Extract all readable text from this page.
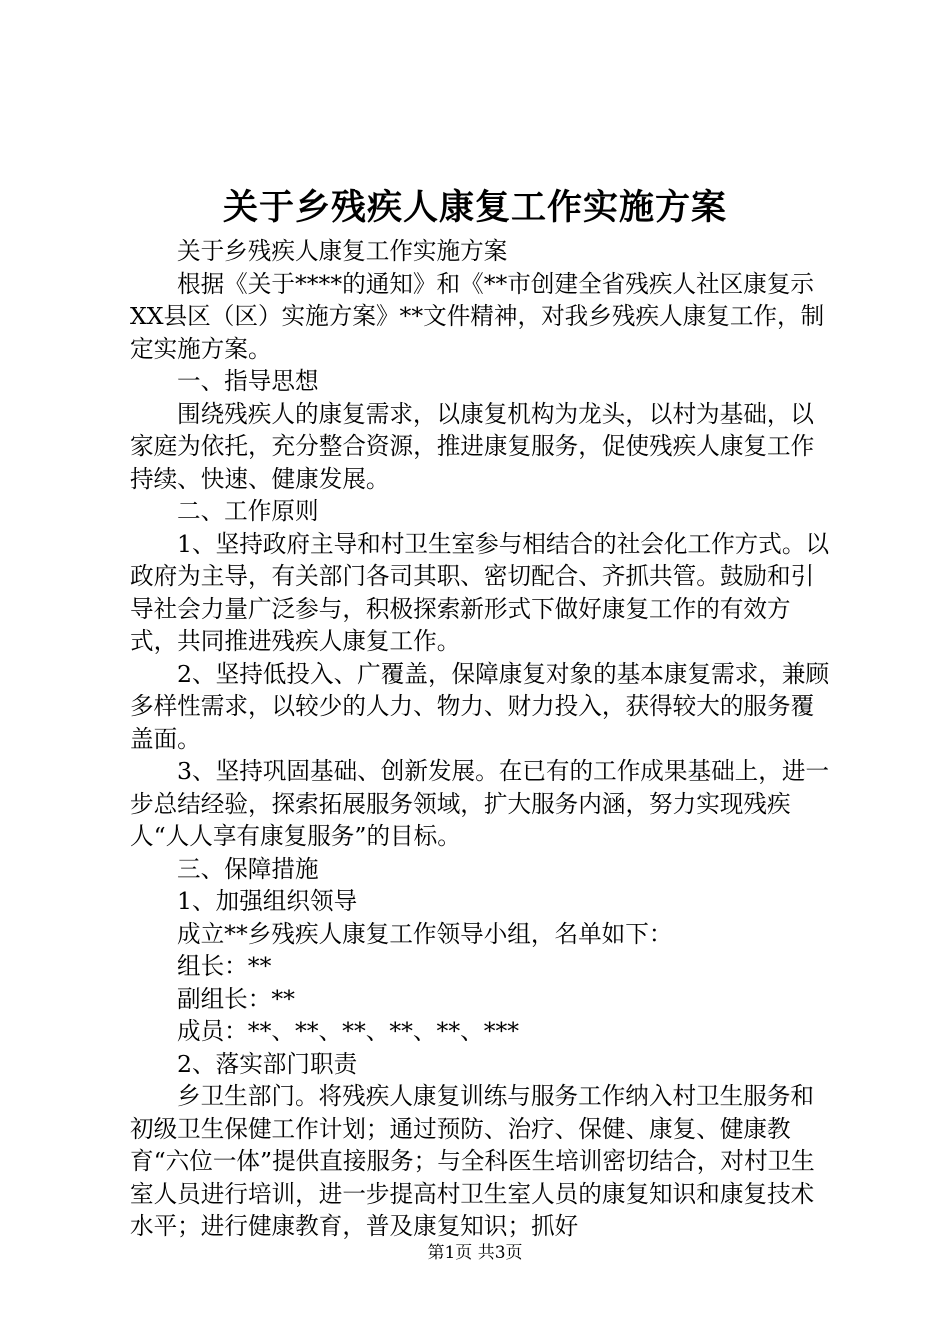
关于乡残疾人康复工作实施方案

关于乡残疾人康复工作实施方案

根据《关于****的通知》和《**市创建全省残疾人社区康复示XX县区（区）实施方案》**文件精神，对我乡残疾人康复工作，制定实施方案。

一、指导思想

围绕残疾人的康复需求，以康复机构为龙头，以村为基础，以家庭为依托，充分整合资源，推进康复服务，促使残疾人康复工作持续、快速、健康发展。

二、工作原则

1、坚持政府主导和村卫生室参与相结合的社会化工作方式。以政府为主导，有关部门各司其职、密切配合、齐抓共管。鼓励和引导社会力量广泛参与，积极探索新形式下做好康复工作的有效方式，共同推进残疾人康复工作。

2、坚持低投入、广覆盖，保障康复对象的基本康复需求，兼顾多样性需求，以较少的人力、物力、财力投入，获得较大的服务覆盖面。

3、坚持巩固基础、创新发展。在已有的工作成果基础上，进一步总结经验，探索拓展服务领域，扩大服务内涵，努力实现残疾人“人人享有康复服务”的目标。

三、保障措施

1、加强组织领导

成立**乡残疾人康复工作领导小组，名单如下：

组长：**

副组长：**

成员：**、**、**、**、**、***

2、落实部门职责

乡卫生部门。将残疾人康复训练与服务工作纳入村卫生服务和初级卫生保健工作计划；通过预防、治疗、保健、康复、健康教育“六位一体”提供直接服务；与全科医生培训密切结合，对村卫生室人员进行培训，进一步提高村卫生室人员的康复知识和康复技术水平；进行健康教育，普及康复知识；抓好

第1页 共3页
